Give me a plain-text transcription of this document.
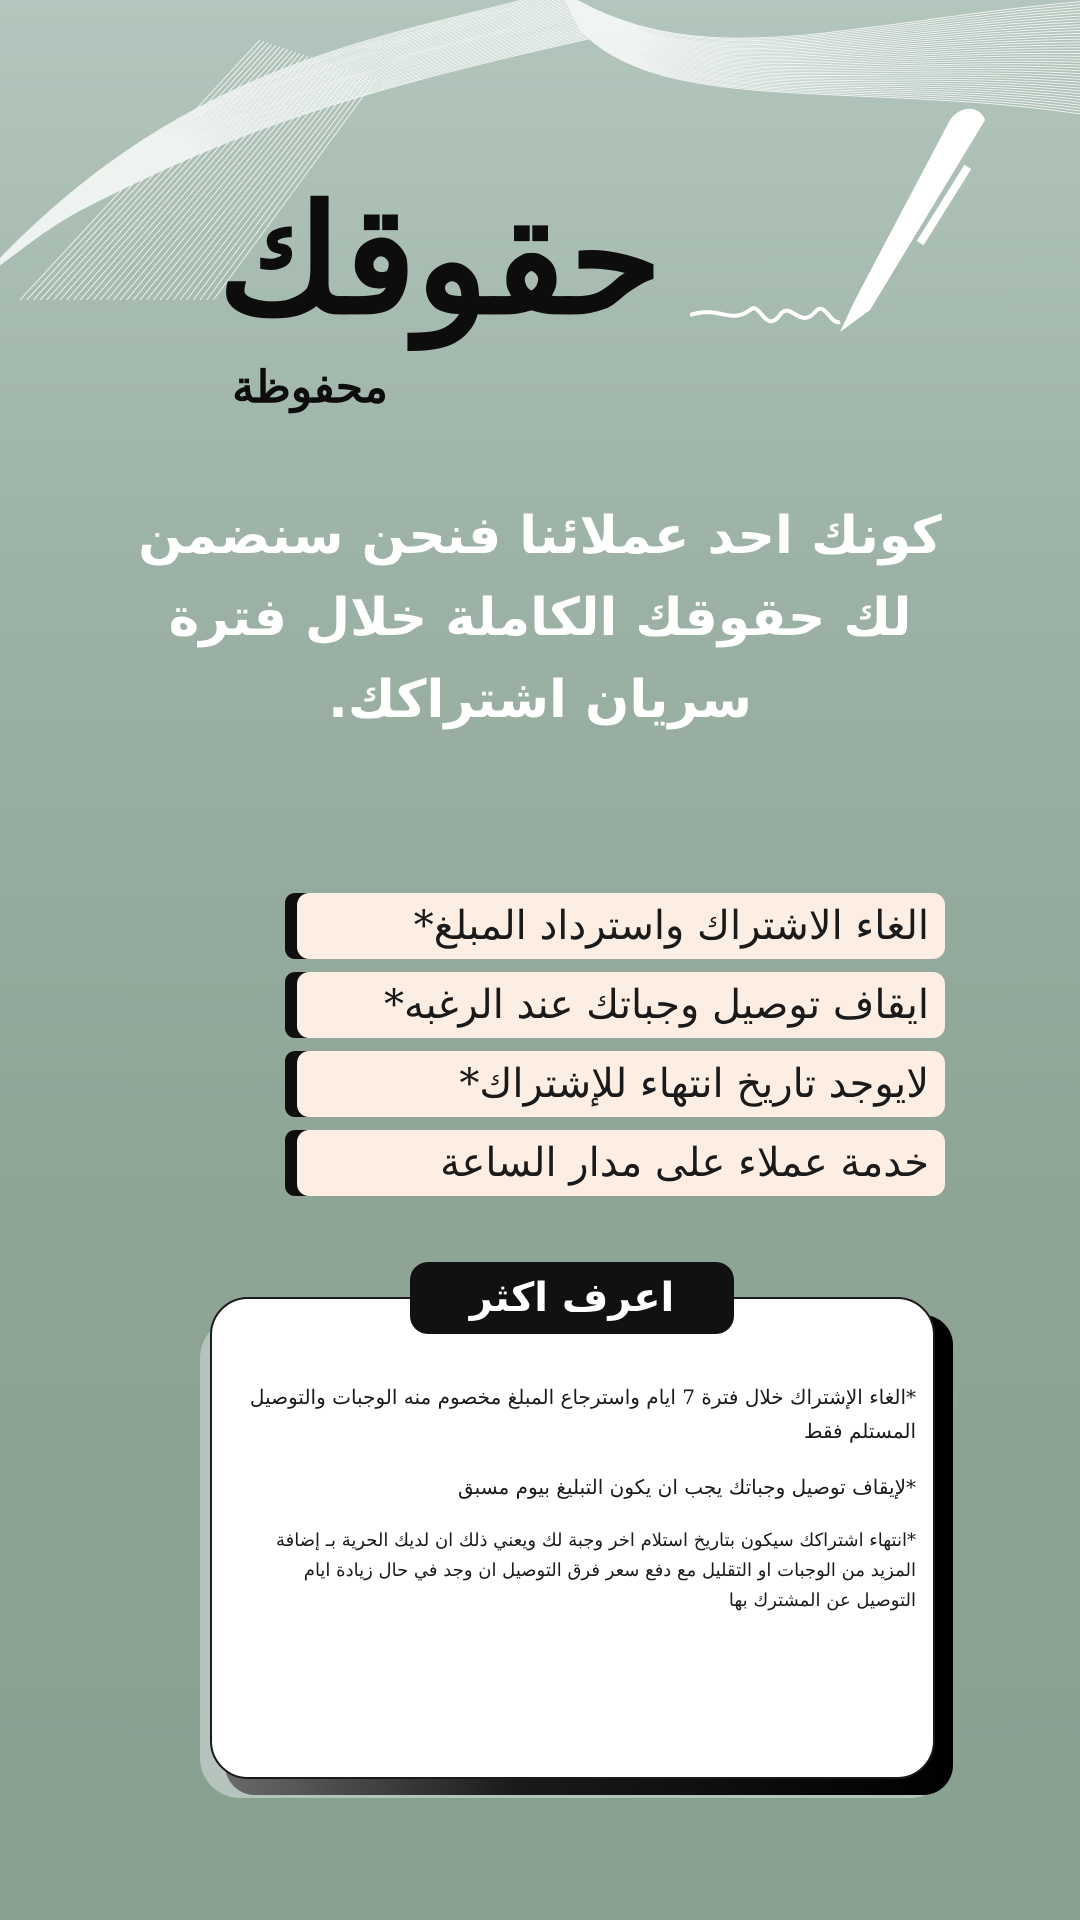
حقوقك
محفوظة
كونك احد عملائنا فنحن سنضمن لك حقوقك الكاملة خلال فترة سريان اشتراكك.
الغاء الاشتراك واسترداد المبلغ*
ايقاف توصيل وجباتك عند الرغبه*
لايوجد تاريخ انتهاء للإشتراك*
خدمة عملاء على مدار الساعة
اعرف اكثر

*الغاء الإشتراك خلال فترة 7 ايام واسترجاع المبلغ مخصوم منه الوجبات والتوصيل المستلم فقط

*لإيقاف توصيل وجباتك يجب ان يكون التبليغ بيوم مسبق

*انتهاء اشتراكك سيكون بتاريخ استلام اخر وجبة لك ويعني ذلك ان لديك الحرية بـ إضافة المزيد من الوجبات او التقليل مع دفع سعر فرق التوصيل ان وجد في حال زيادة ايام التوصيل عن المشترك بها
